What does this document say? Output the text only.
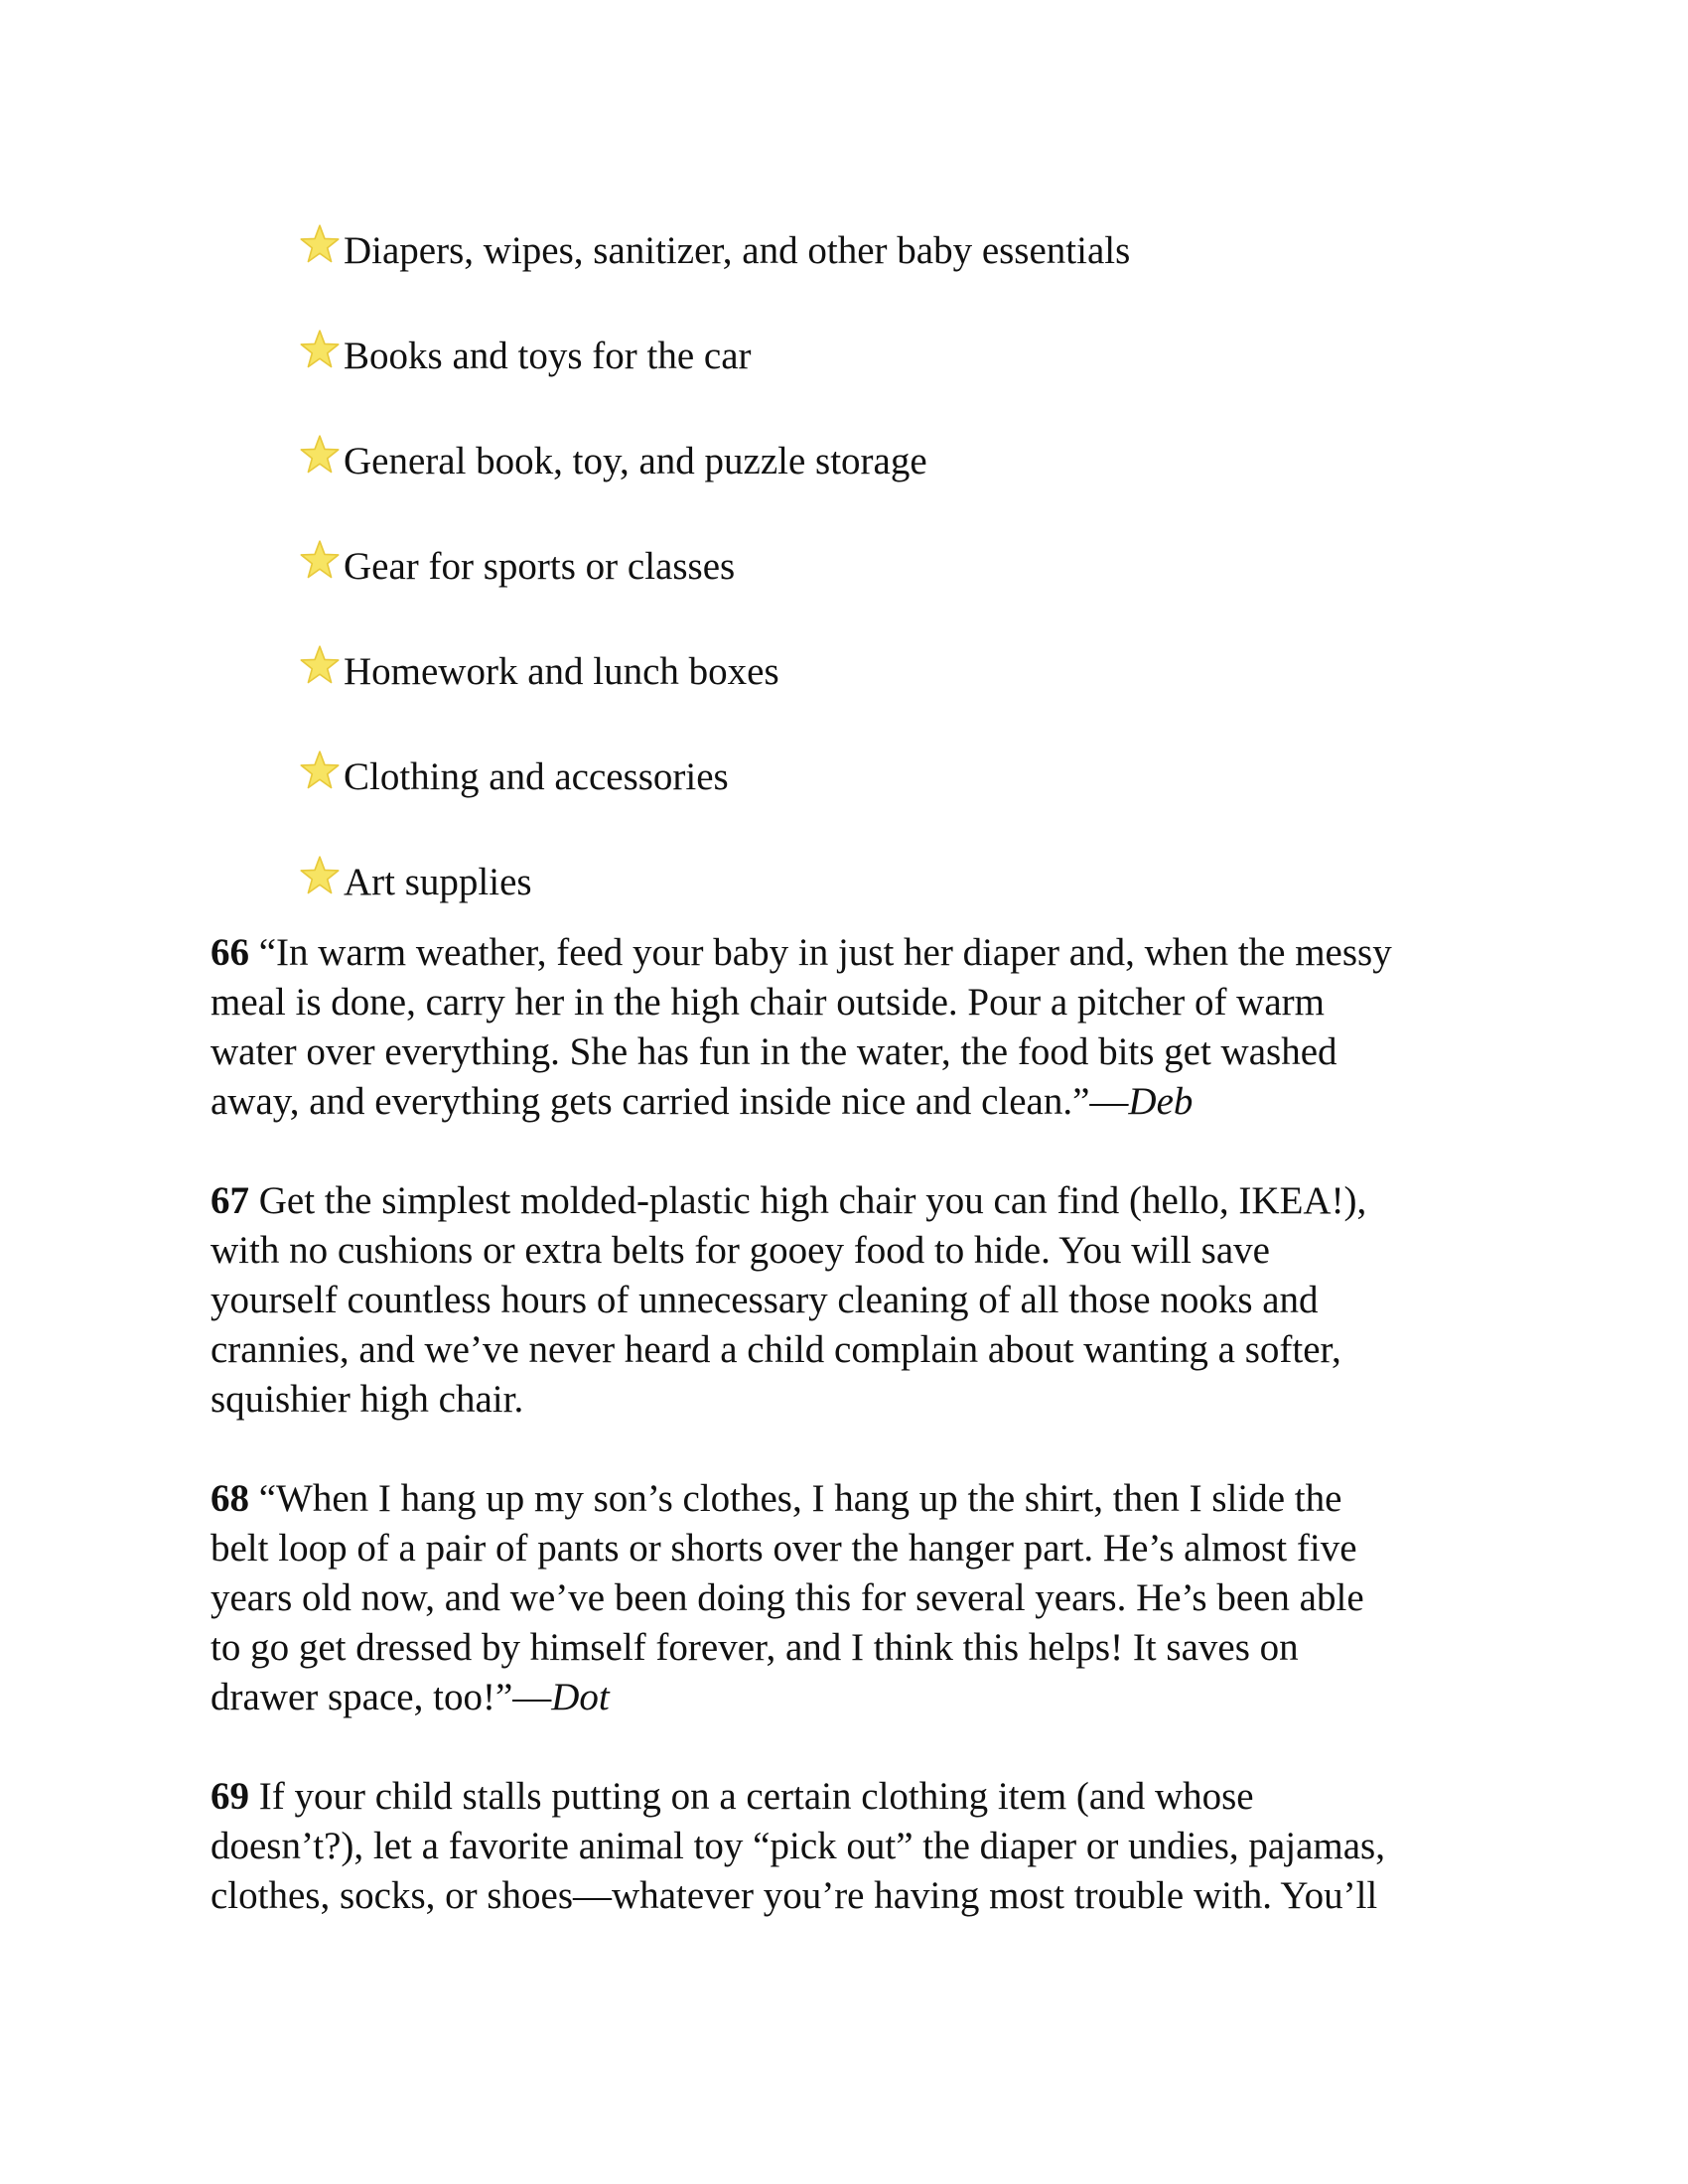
Diapers, wipes, sanitizer, and other baby essentials
Books and toys for the car
General book, toy, and puzzle storage
Gear for sports or classes
Homework and lunch boxes
Clothing and accessories
Art supplies

66 “In warm weather, feed your baby in just her diaper and, when the messy
meal is done, carry her in the high chair outside. Pour a pitcher of warm
water over everything. She has fun in the water, the food bits get washed
away, and everything gets carried inside nice and clean.”—Deb

67 Get the simplest molded-plastic high chair you can find (hello, IKEA!),
with no cushions or extra belts for gooey food to hide. You will save
yourself countless hours of unnecessary cleaning of all those nooks and
crannies, and we’ve never heard a child complain about wanting a softer,
squishier high chair.

68 “When I hang up my son’s clothes, I hang up the shirt, then I slide the
belt loop of a pair of pants or shorts over the hanger part. He’s almost five
years old now, and we’ve been doing this for several years. He’s been able
to go get dressed by himself forever, and I think this helps! It saves on
drawer space, too!”—Dot

69 If your child stalls putting on a certain clothing item (and whose
doesn’t?), let a favorite animal toy “pick out” the diaper or undies, pajamas,
clothes, socks, or shoes—whatever you’re having most trouble with. You’ll
